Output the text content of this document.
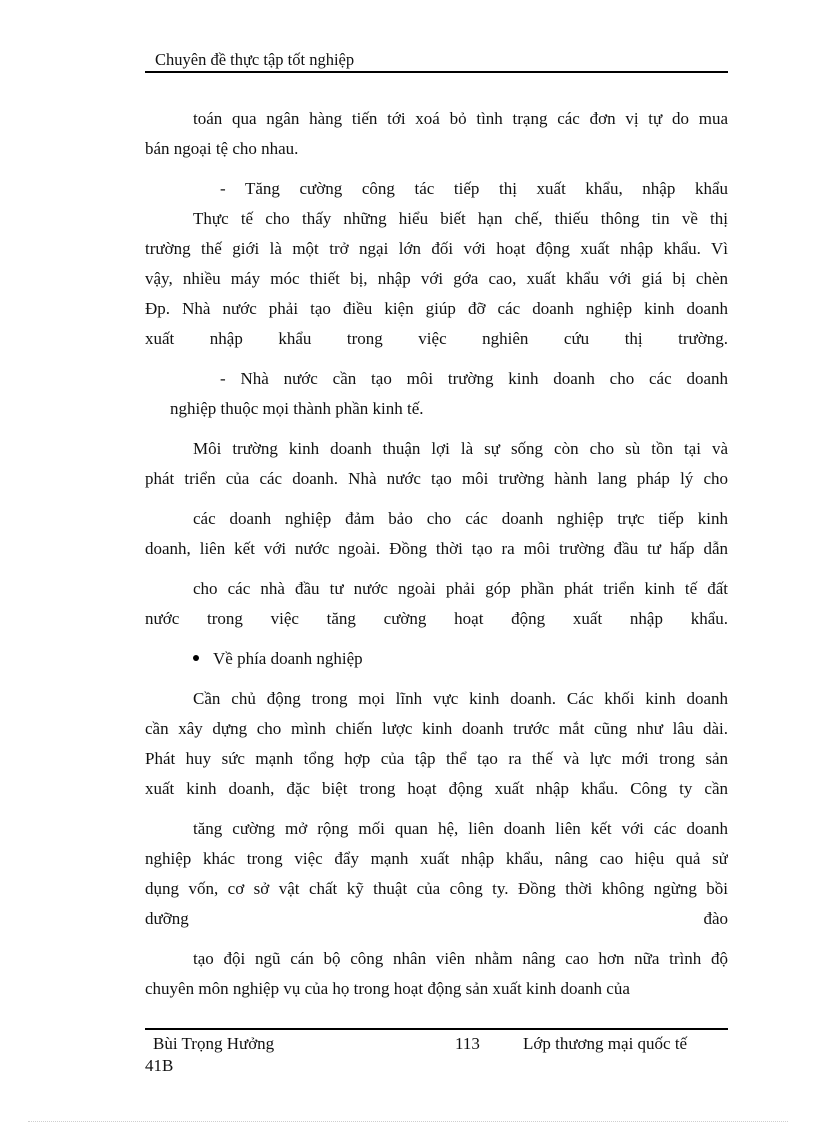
Chuyên đề thực tập tốt nghiệp
toán qua ngân hàng tiến tới xoá bỏ tình trạng các đơn vị tự do mua
bán ngoại tệ cho nhau.
- Tăng cường công tác tiếp thị xuất khẩu, nhập khẩu
Thực tế cho thấy những hiểu biết hạn chế, thiếu thông tin về thị
trường thế giới là một trở ngại lớn đối với hoạt động xuất nhập khẩu. Vì
vậy, nhiều máy móc thiết bị, nhập với gớa cao, xuất khẩu với giá bị chèn
Đp. Nhà nước phải tạo điều kiện giúp đỡ các doanh nghiệp kinh doanh
xuất nhập khẩu trong việc nghiên cứu thị trường.
- Nhà nước cần tạo môi trường kinh doanh cho các doanh
nghiệp thuộc mọi thành phần kinh tế.
Môi trường kinh doanh thuận lợi là sự sống còn cho sù tồn tại và
phát triển của các doanh. Nhà nước tạo môi trường hành lang pháp lý cho
các doanh nghiệp đảm bảo cho các doanh nghiệp trực tiếp kinh
doanh, liên kết với nước ngoài. Đồng thời tạo ra môi trường đầu tư hấp dẫn
cho các nhà đầu tư nước ngoài phải góp phần phát triển kinh tế đất
nước trong việc tăng cường hoạt động xuất nhập khẩu.
Về phía doanh nghiệp
Cần chủ động trong mọi lĩnh vực kinh doanh. Các khối kinh doanh
cần xây dựng cho mình chiến lược kinh doanh trước mắt cũng như lâu dài.
Phát huy sức mạnh tổng hợp của tập thể tạo ra thế và lực mới trong sản
xuất kinh doanh, đặc biệt trong hoạt động xuất nhập khẩu. Công ty cần
tăng cường mở rộng mối quan hệ, liên doanh liên kết với các doanh
nghiệp khác trong việc đẩy mạnh xuất nhập khẩu, nâng cao hiệu quả sử
dụng vốn, cơ sở vật chất kỹ thuật của công ty. Đồng thời không ngừng bồi
dưỡng đào
tạo đội ngũ cán bộ công nhân viên nhằm nâng cao hơn nữa trình độ
chuyên môn nghiệp vụ của họ trong hoạt động sản xuất kinh doanh của
Bùi Trọng Hưởng	113	Lớp thương mại quốc tế
41B
